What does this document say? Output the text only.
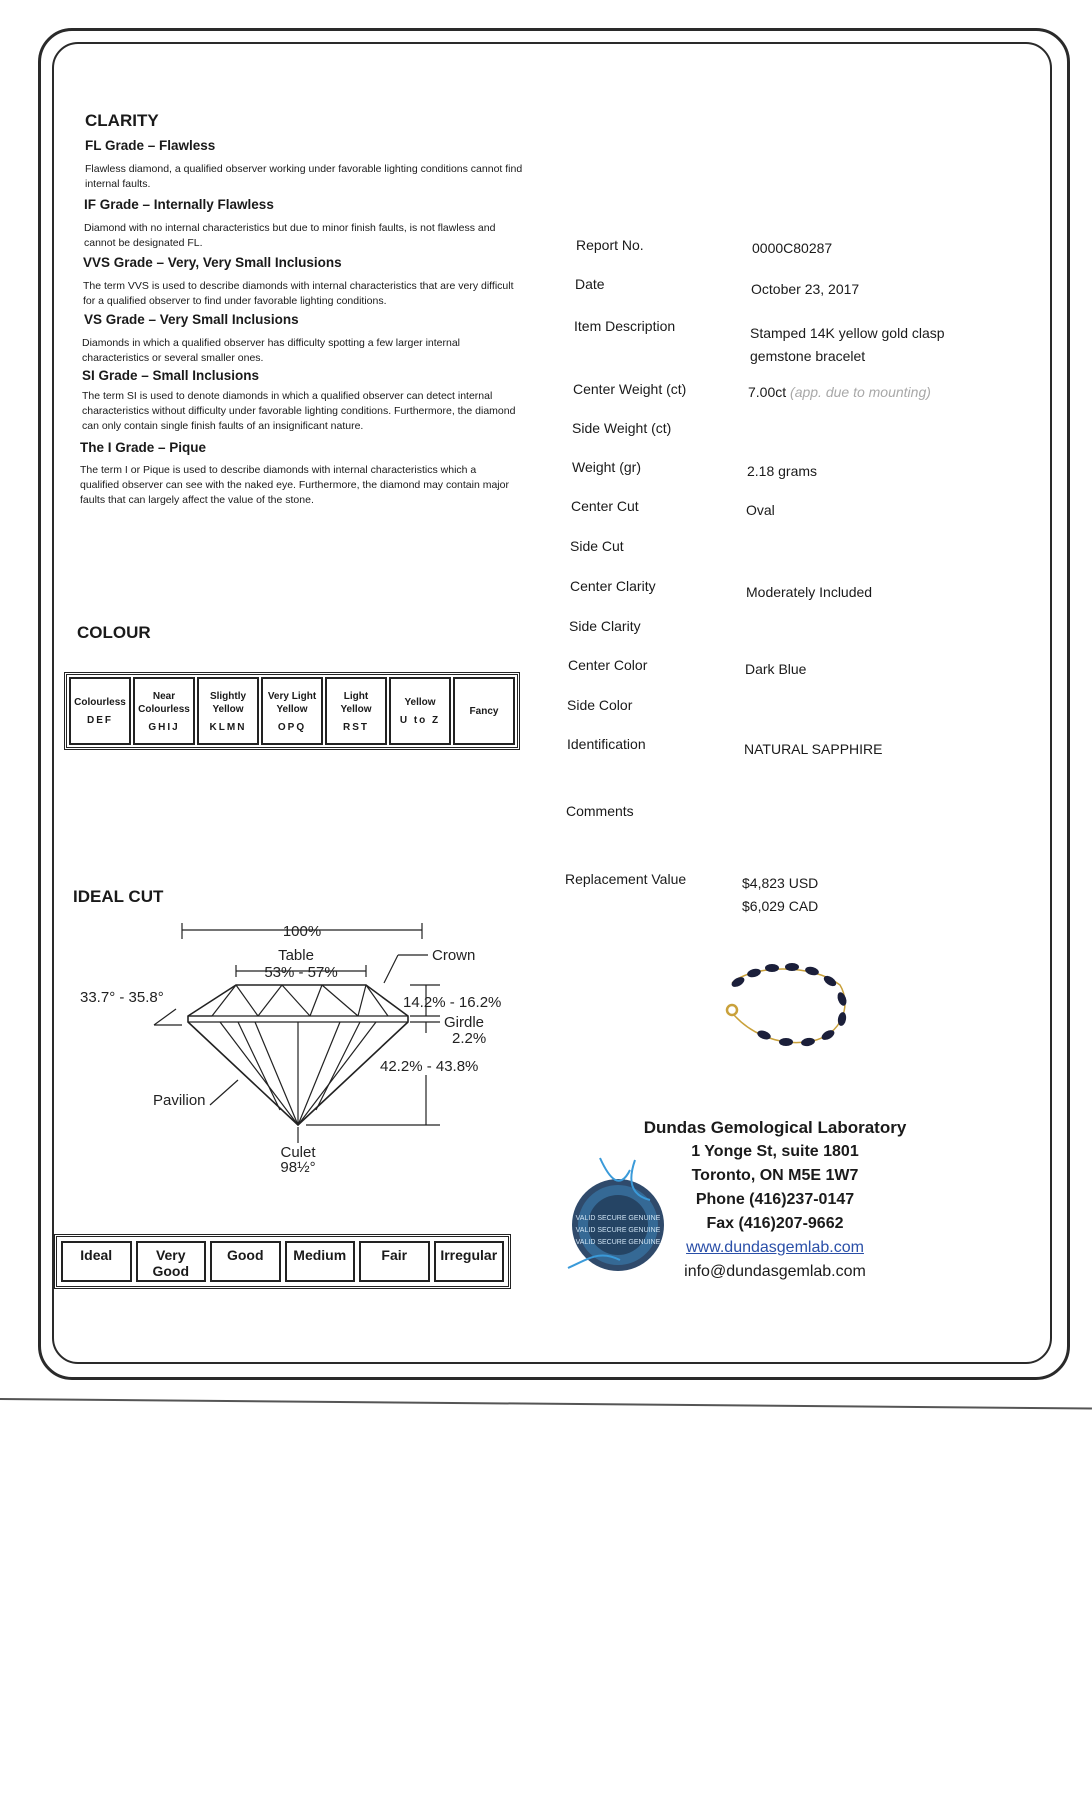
CLARITY
FL Grade – Flawless
Flawless diamond, a qualified observer working under favorable lighting conditions cannot find internal faults.
IF Grade – Internally Flawless
Diamond with no internal characteristics but due to minor finish faults, is not flawless and cannot be designated FL.
VVS Grade – Very, Very Small Inclusions
The term VVS is used to describe diamonds with internal characteristics that are very difficult for a qualified observer to find under favorable lighting conditions.
VS Grade – Very Small Inclusions
Diamonds in which a qualified observer has difficulty spotting a few larger internal characteristics or several smaller ones.
SI Grade – Small Inclusions
The term SI is used to denote diamonds in which a qualified observer can detect internal characteristics without difficulty under favorable lighting conditions. Furthermore, the diamond can only contain single finish faults of an insignificant nature.
The I Grade – Pique
The term I or Pique is used to describe diamonds with internal characteristics which a qualified observer can see with the naked eye. Furthermore, the diamond may contain major faults that can largely affect the value of the stone.
COLOUR
Colourless
DEF

Near Colourless
GHIJ

Slightly Yellow
KLMN

Very Light Yellow
OPQ

Light Yellow
RST

Yellow
U to Z

Fancy
IDEAL CUT
100%
Table
53% - 57%
Crown
33.7° - 35.8°	14.2% - 16.2%
Girdle
2.2%
42.2% - 43.8%
Pavilion
Culet
98½°
Ideal	Very Good	Good	Medium	Fair	Irregular
Report No.	0000C80287
Date	October 23, 2017
Item Description	Stamped 14K yellow gold clasp gemstone bracelet
Center Weight (ct)	7.00ct (app. due to mounting)
Side Weight (ct)
Weight (gr)	2.18 grams
Center Cut	Oval
Side Cut
Center Clarity	Moderately Included
Side Clarity
Center Color	Dark Blue
Side Color
Identification	NATURAL SAPPHIRE
Comments
Replacement Value	$4,823 USD
$6,029 CAD
Dundas Gemological Laboratory
1 Yonge St, suite 1801
Toronto, ON M5E 1W7
Phone (416)237-0147
Fax (416)207-9662
www.dundasgemlab.com
info@dundasgemlab.com
VALID SECURE GENUINE
VALID SECURE GENUINE
VALID SECURE GENUINE
